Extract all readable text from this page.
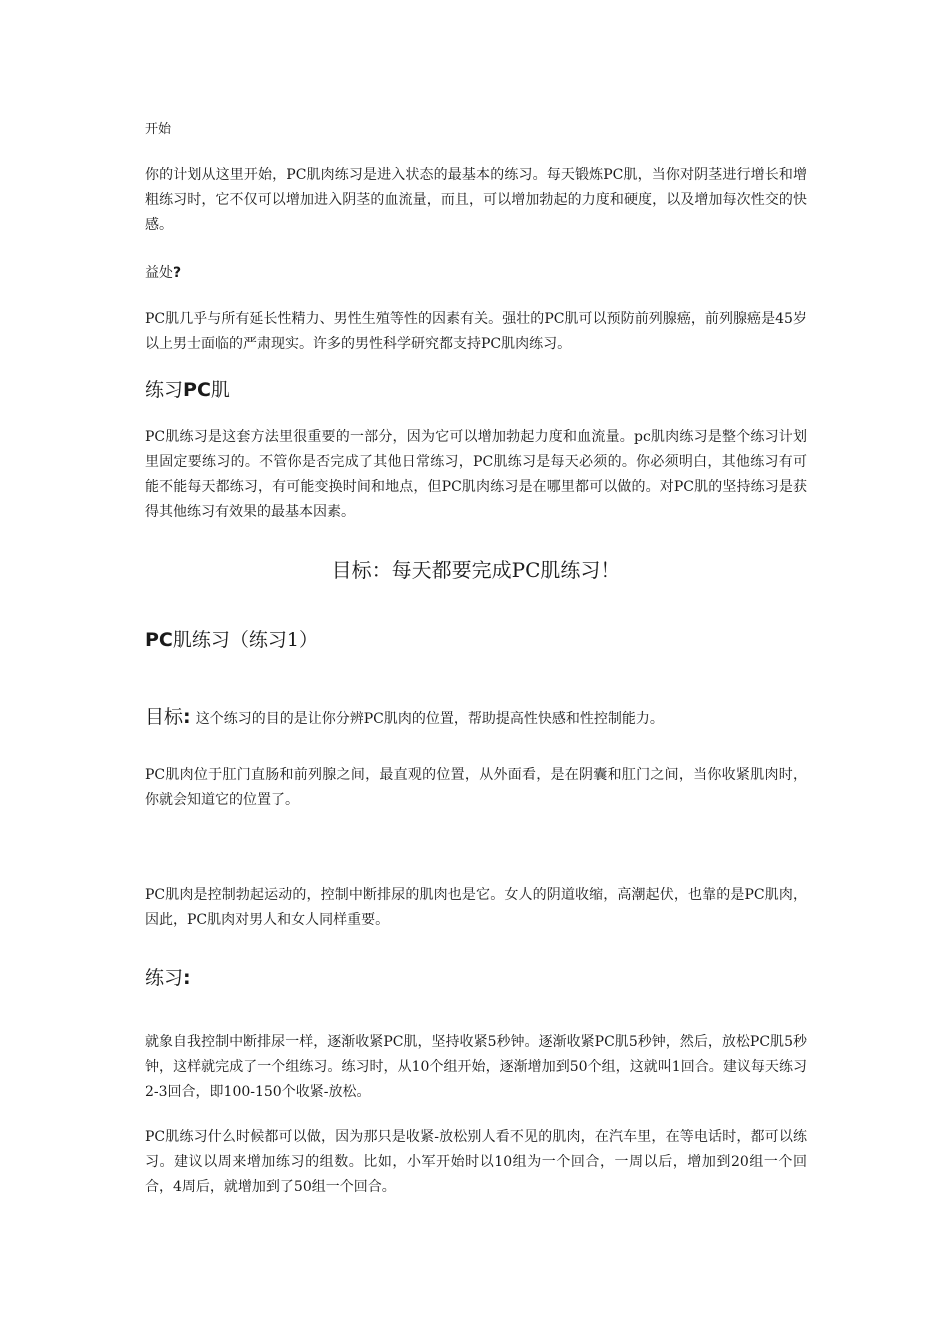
开始

你的计划从这里开始，PC肌肉练习是进入状态的最基本的练习。每天锻炼PC肌，当你对阴茎进行增长和增粗练习时，它不仅可以增加进入阴茎的血流量，而且，可以增加勃起的力度和硬度，以及增加每次性交的快感。

益处?

PC肌几乎与所有延长性精力、男性生殖等性的因素有关。强壮的PC肌可以预防前列腺癌，前列腺癌是45岁以上男士面临的严肃现实。许多的男性科学研究都支持PC肌肉练习。

练习PC肌

PC肌练习是这套方法里很重要的一部分，因为它可以增加勃起力度和血流量。pc肌肉练习是整个练习计划里固定要练习的。不管你是否完成了其他日常练习，PC肌练习是每天必须的。你必须明白，其他练习有可能不能每天都练习，有可能变换时间和地点，但PC肌肉练习是在哪里都可以做的。对PC肌的坚持练习是获得其他练习有效果的最基本因素。

目标：每天都要完成PC肌练习！

PC肌练习（练习1）

目标: 这个练习的目的是让你分辨PC肌肉的位置，帮助提高性快感和性控制能力。

PC肌肉位于肛门直肠和前列腺之间，最直观的位置，从外面看，是在阴囊和肛门之间，当你收紧肌肉时，你就会知道它的位置了。

PC肌肉是控制勃起运动的，控制中断排尿的肌肉也是它。女人的阴道收缩，高潮起伏，也靠的是PC肌肉，因此，PC肌肉对男人和女人同样重要。

练习:

就象自我控制中断排尿一样，逐渐收紧PC肌，坚持收紧5秒钟。逐渐收紧PC肌5秒钟，然后，放松PC肌5秒钟，这样就完成了一个组练习。练习时，从10个组开始，逐渐增加到50个组，这就叫1回合。建议每天练习2-3回合，即100-150个收紧-放松。

PC肌练习什么时候都可以做，因为那只是收紧-放松别人看不见的肌肉，在汽车里，在等电话时，都可以练习。建议以周来增加练习的组数。比如，小军开始时以10组为一个回合，一周以后，增加到20组一个回合，4周后，就增加到了50组一个回合。
